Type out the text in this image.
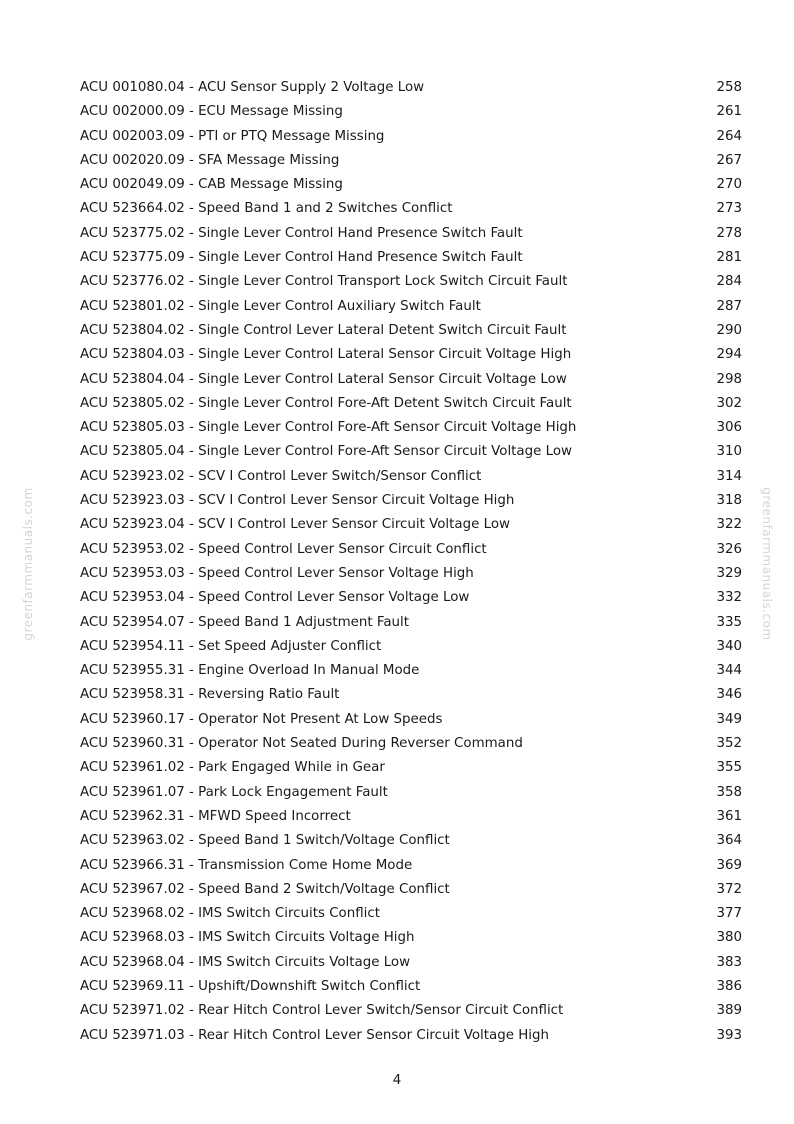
greenfarmmanuals.com	greenfarmmanuals.com
ACU 001080.04 - ACU Sensor Supply 2 Voltage Low	258
ACU 002000.09 - ECU Message Missing	261
ACU 002003.09 - PTI or PTQ Message Missing	264
ACU 002020.09 - SFA Message Missing	267
ACU 002049.09 - CAB Message Missing	270
ACU 523664.02 - Speed Band 1 and 2 Switches Conflict	273
ACU 523775.02 - Single Lever Control Hand Presence Switch Fault	278
ACU 523775.09 - Single Lever Control Hand Presence Switch Fault	281
ACU 523776.02 - Single Lever Control Transport Lock Switch Circuit Fault	284
ACU 523801.02 - Single Lever Control Auxiliary Switch Fault	287
ACU 523804.02 - Single Control Lever Lateral Detent Switch Circuit Fault	290
ACU 523804.03 - Single Lever Control Lateral Sensor Circuit Voltage High	294
ACU 523804.04 - Single Lever Control Lateral Sensor Circuit Voltage Low	298
ACU 523805.02 - Single Lever Control Fore-Aft Detent Switch Circuit Fault	302
ACU 523805.03 - Single Lever Control Fore-Aft Sensor Circuit Voltage High	306
ACU 523805.04 - Single Lever Control Fore-Aft Sensor Circuit Voltage Low	310
ACU 523923.02 - SCV I Control Lever Switch/Sensor Conflict	314
ACU 523923.03 - SCV I Control Lever Sensor Circuit Voltage High	318
ACU 523923.04 - SCV I Control Lever Sensor Circuit Voltage Low	322
ACU 523953.02 - Speed Control Lever Sensor Circuit Conflict	326
ACU 523953.03 - Speed Control Lever Sensor Voltage High	329
ACU 523953.04 - Speed Control Lever Sensor Voltage Low	332
ACU 523954.07 - Speed Band 1 Adjustment Fault	335
ACU 523954.11 - Set Speed Adjuster Conflict	340
ACU 523955.31 - Engine Overload In Manual Mode	344
ACU 523958.31 - Reversing Ratio Fault	346
ACU 523960.17 - Operator Not Present At Low Speeds	349
ACU 523960.31 - Operator Not Seated During Reverser Command	352
ACU 523961.02 - Park Engaged While in Gear	355
ACU 523961.07 - Park Lock Engagement Fault	358
ACU 523962.31 - MFWD Speed Incorrect	361
ACU 523963.02 - Speed Band 1 Switch/Voltage Conflict	364
ACU 523966.31 - Transmission Come Home Mode	369
ACU 523967.02 - Speed Band 2 Switch/Voltage Conflict	372
ACU 523968.02 - IMS Switch Circuits Conflict	377
ACU 523968.03 - IMS Switch Circuits Voltage High	380
ACU 523968.04 - IMS Switch Circuits Voltage Low	383
ACU 523969.11 - Upshift/Downshift Switch Conflict	386
ACU 523971.02 - Rear Hitch Control Lever Switch/Sensor Circuit Conflict	389
ACU 523971.03 - Rear Hitch Control Lever Sensor Circuit Voltage High	393
4
